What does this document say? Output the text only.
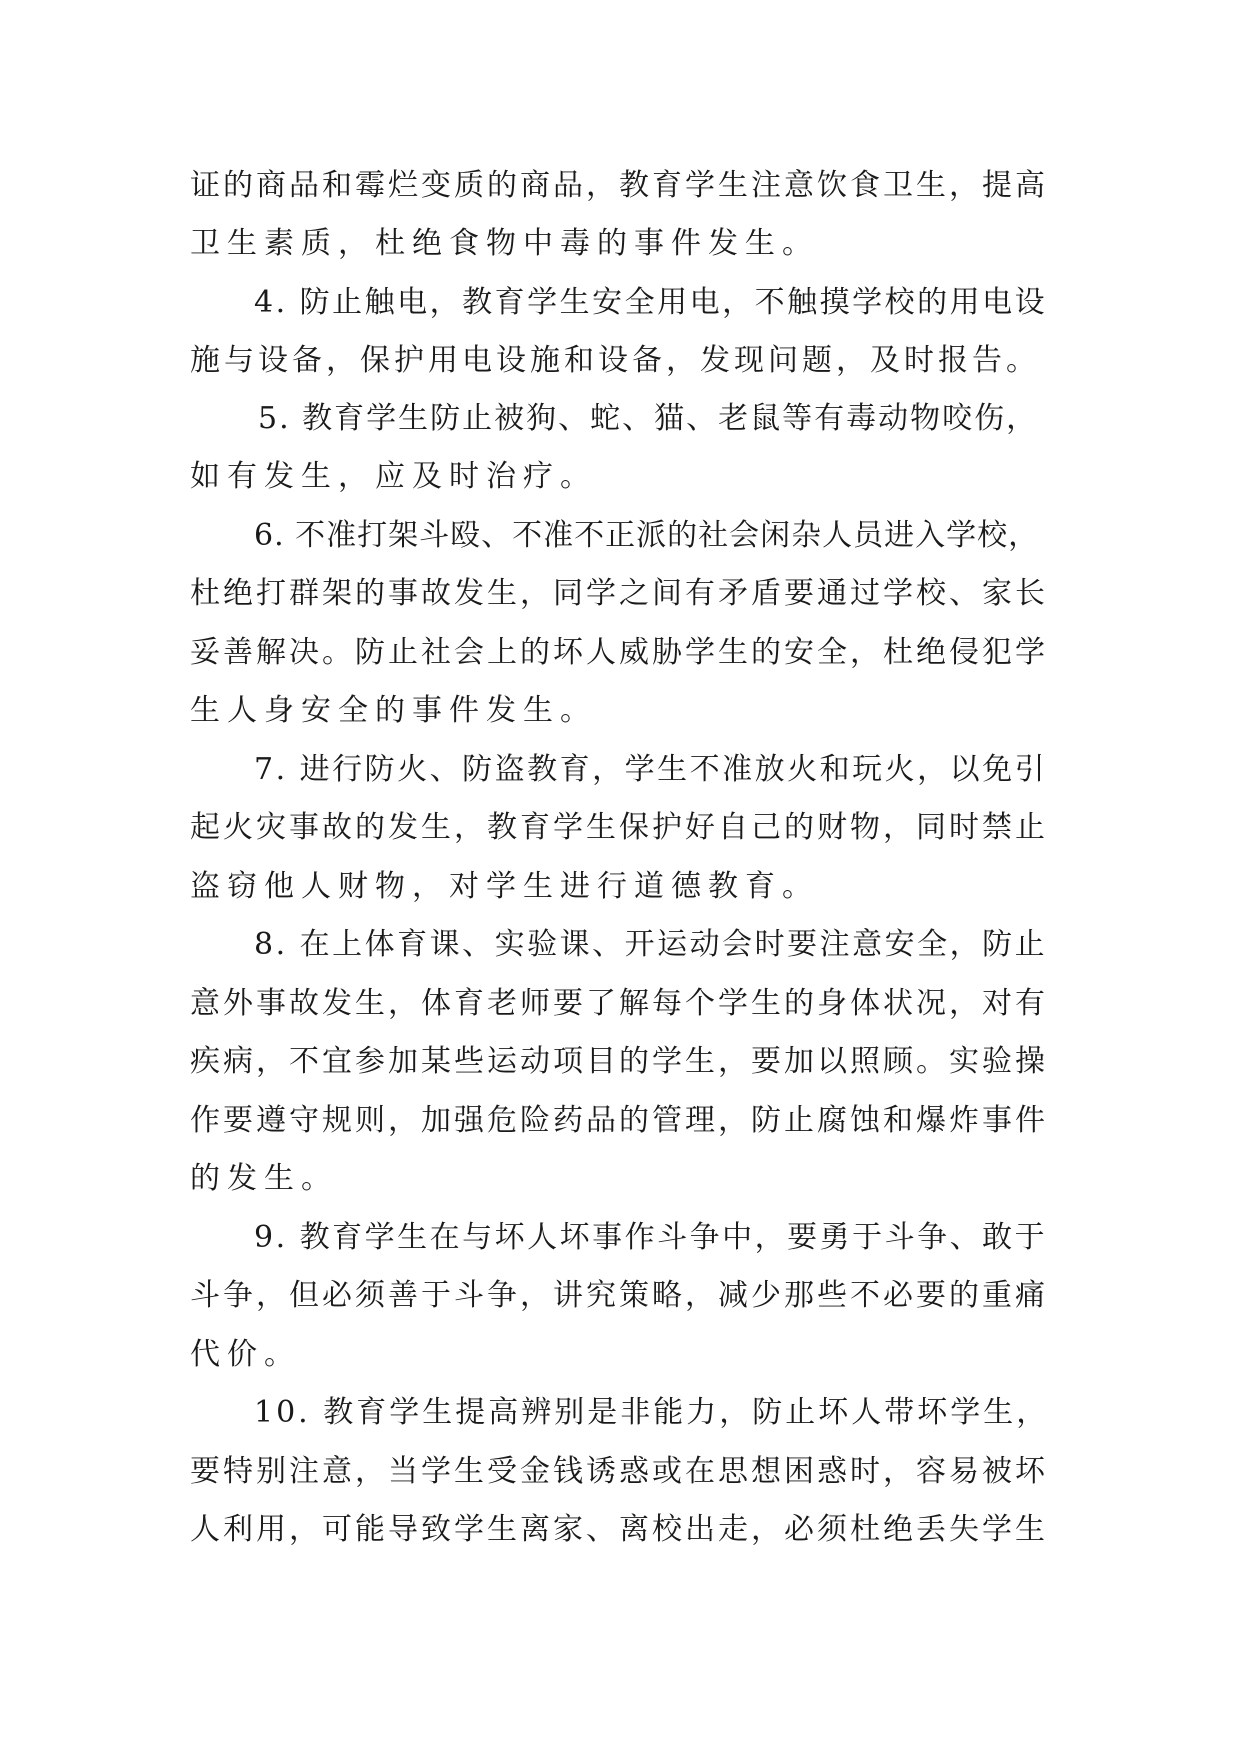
证的商品和霉烂变质的商品，教育学生注意饮食卫生，提高
卫生素质，杜绝食物中毒的事件发生。
4. 防止触电，教育学生安全用电，不触摸学校的用电设
施与设备，保护用电设施和设备，发现问题，及时报告。
5. 教育学生防止被狗、蛇、猫、老鼠等有毒动物咬伤，
如有发生，应及时治疗。
6. 不准打架斗殴、不准不正派的社会闲杂人员进入学校，
杜绝打群架的事故发生，同学之间有矛盾要通过学校、家长
妥善解决。防止社会上的坏人威胁学生的安全，杜绝侵犯学
生人身安全的事件发生。
7. 进行防火、防盗教育，学生不准放火和玩火，以免引
起火灾事故的发生，教育学生保护好自己的财物，同时禁止
盗窃他人财物，对学生进行道德教育。
8. 在上体育课、实验课、开运动会时要注意安全，防止
意外事故发生，体育老师要了解每个学生的身体状况，对有
疾病，不宜参加某些运动项目的学生，要加以照顾。实验操
作要遵守规则，加强危险药品的管理，防止腐蚀和爆炸事件
的发生。
9. 教育学生在与坏人坏事作斗争中，要勇于斗争、敢于
斗争，但必须善于斗争，讲究策略，减少那些不必要的重痛
代价。
10. 教育学生提高辨别是非能力，防止坏人带坏学生，
要特别注意，当学生受金钱诱惑或在思想困惑时，容易被坏
人利用，可能导致学生离家、离校出走，必须杜绝丢失学生
